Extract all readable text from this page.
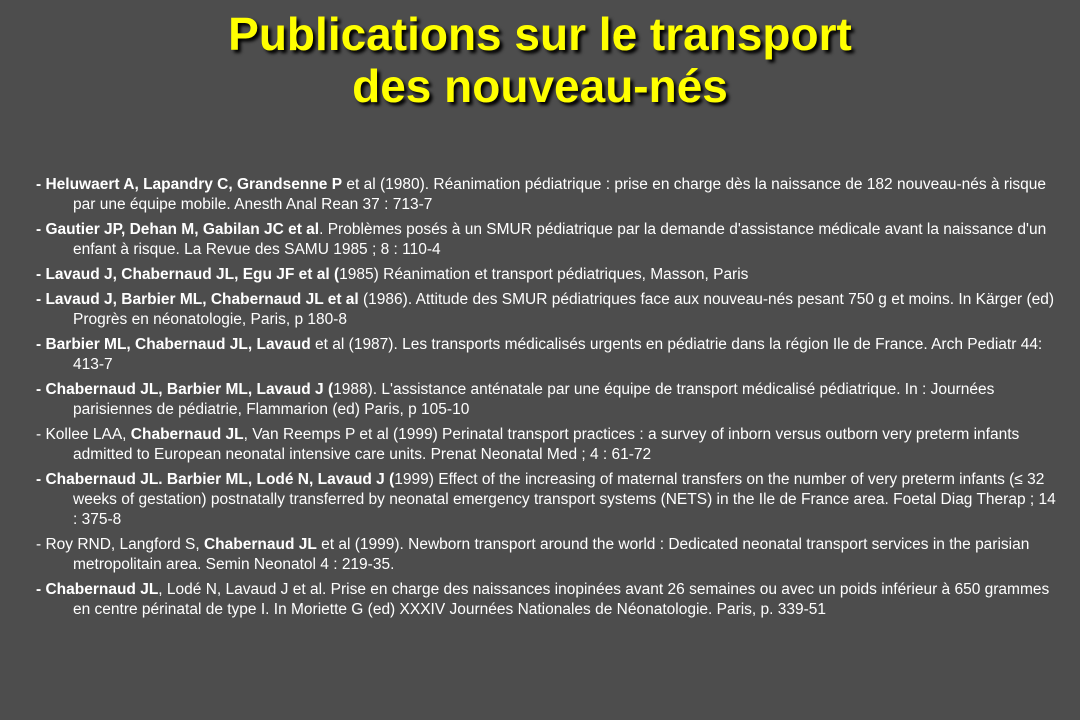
Publications sur le transport
des nouveau-nés
- Heluwaert A, Lapandry C, Grandsenne P et al (1980). Réanimation pédiatrique : prise en charge dès la naissance de 182 nouveau-nés à risque par une équipe mobile. Anesth Anal Rean 37 : 713-7
- Gautier JP, Dehan M, Gabilan JC et al. Problèmes posés à un SMUR pédiatrique par la demande d'assistance médicale avant la naissance d'un enfant à risque. La Revue des SAMU 1985 ; 8 : 110-4
- Lavaud J, Chabernaud JL, Egu JF et al (1985) Réanimation et transport pédiatriques, Masson, Paris
- Lavaud J, Barbier ML, Chabernaud JL et al (1986). Attitude des SMUR pédiatriques face aux nouveau-nés pesant 750 g et moins. In Kärger (ed) Progrès en néonatologie, Paris, p 180-8
- Barbier ML, Chabernaud JL, Lavaud et al (1987). Les transports médicalisés urgents en pédiatrie dans la région Ile de France. Arch Pediatr 44: 413-7
- Chabernaud JL, Barbier ML, Lavaud J (1988). L'assistance anténatale par une équipe de transport médicalisé pédiatrique. In : Journées parisiennes de pédiatrie, Flammarion (ed) Paris, p 105-10
- Kollee LAA, Chabernaud JL, Van Reemps P et al (1999) Perinatal transport practices : a survey of inborn versus outborn very preterm infants admitted to European neonatal intensive care units. Prenat Neonatal Med ; 4 : 61-72
- Chabernaud JL. Barbier ML, Lodé N, Lavaud J (1999) Effect of the increasing of maternal transfers on the number of very preterm infants (≤ 32 weeks of gestation) postnatally transferred by neonatal emergency transport systems (NETS) in the Ile de France area. Foetal Diag Therap ; 14 : 375-8
- Roy RND, Langford S, Chabernaud JL et al (1999). Newborn transport around the world : Dedicated neonatal transport services in the parisian metropolitain area. Semin Neonatol 4 : 219-35.
- Chabernaud JL, Lodé N, Lavaud J et al. Prise en charge des naissances inopinées avant 26 semaines ou avec un poids inférieur à 650 grammes en centre périnatal de type I. In Moriette G (ed) XXXIV Journées Nationales de Néonatologie. Paris, p. 339-51
